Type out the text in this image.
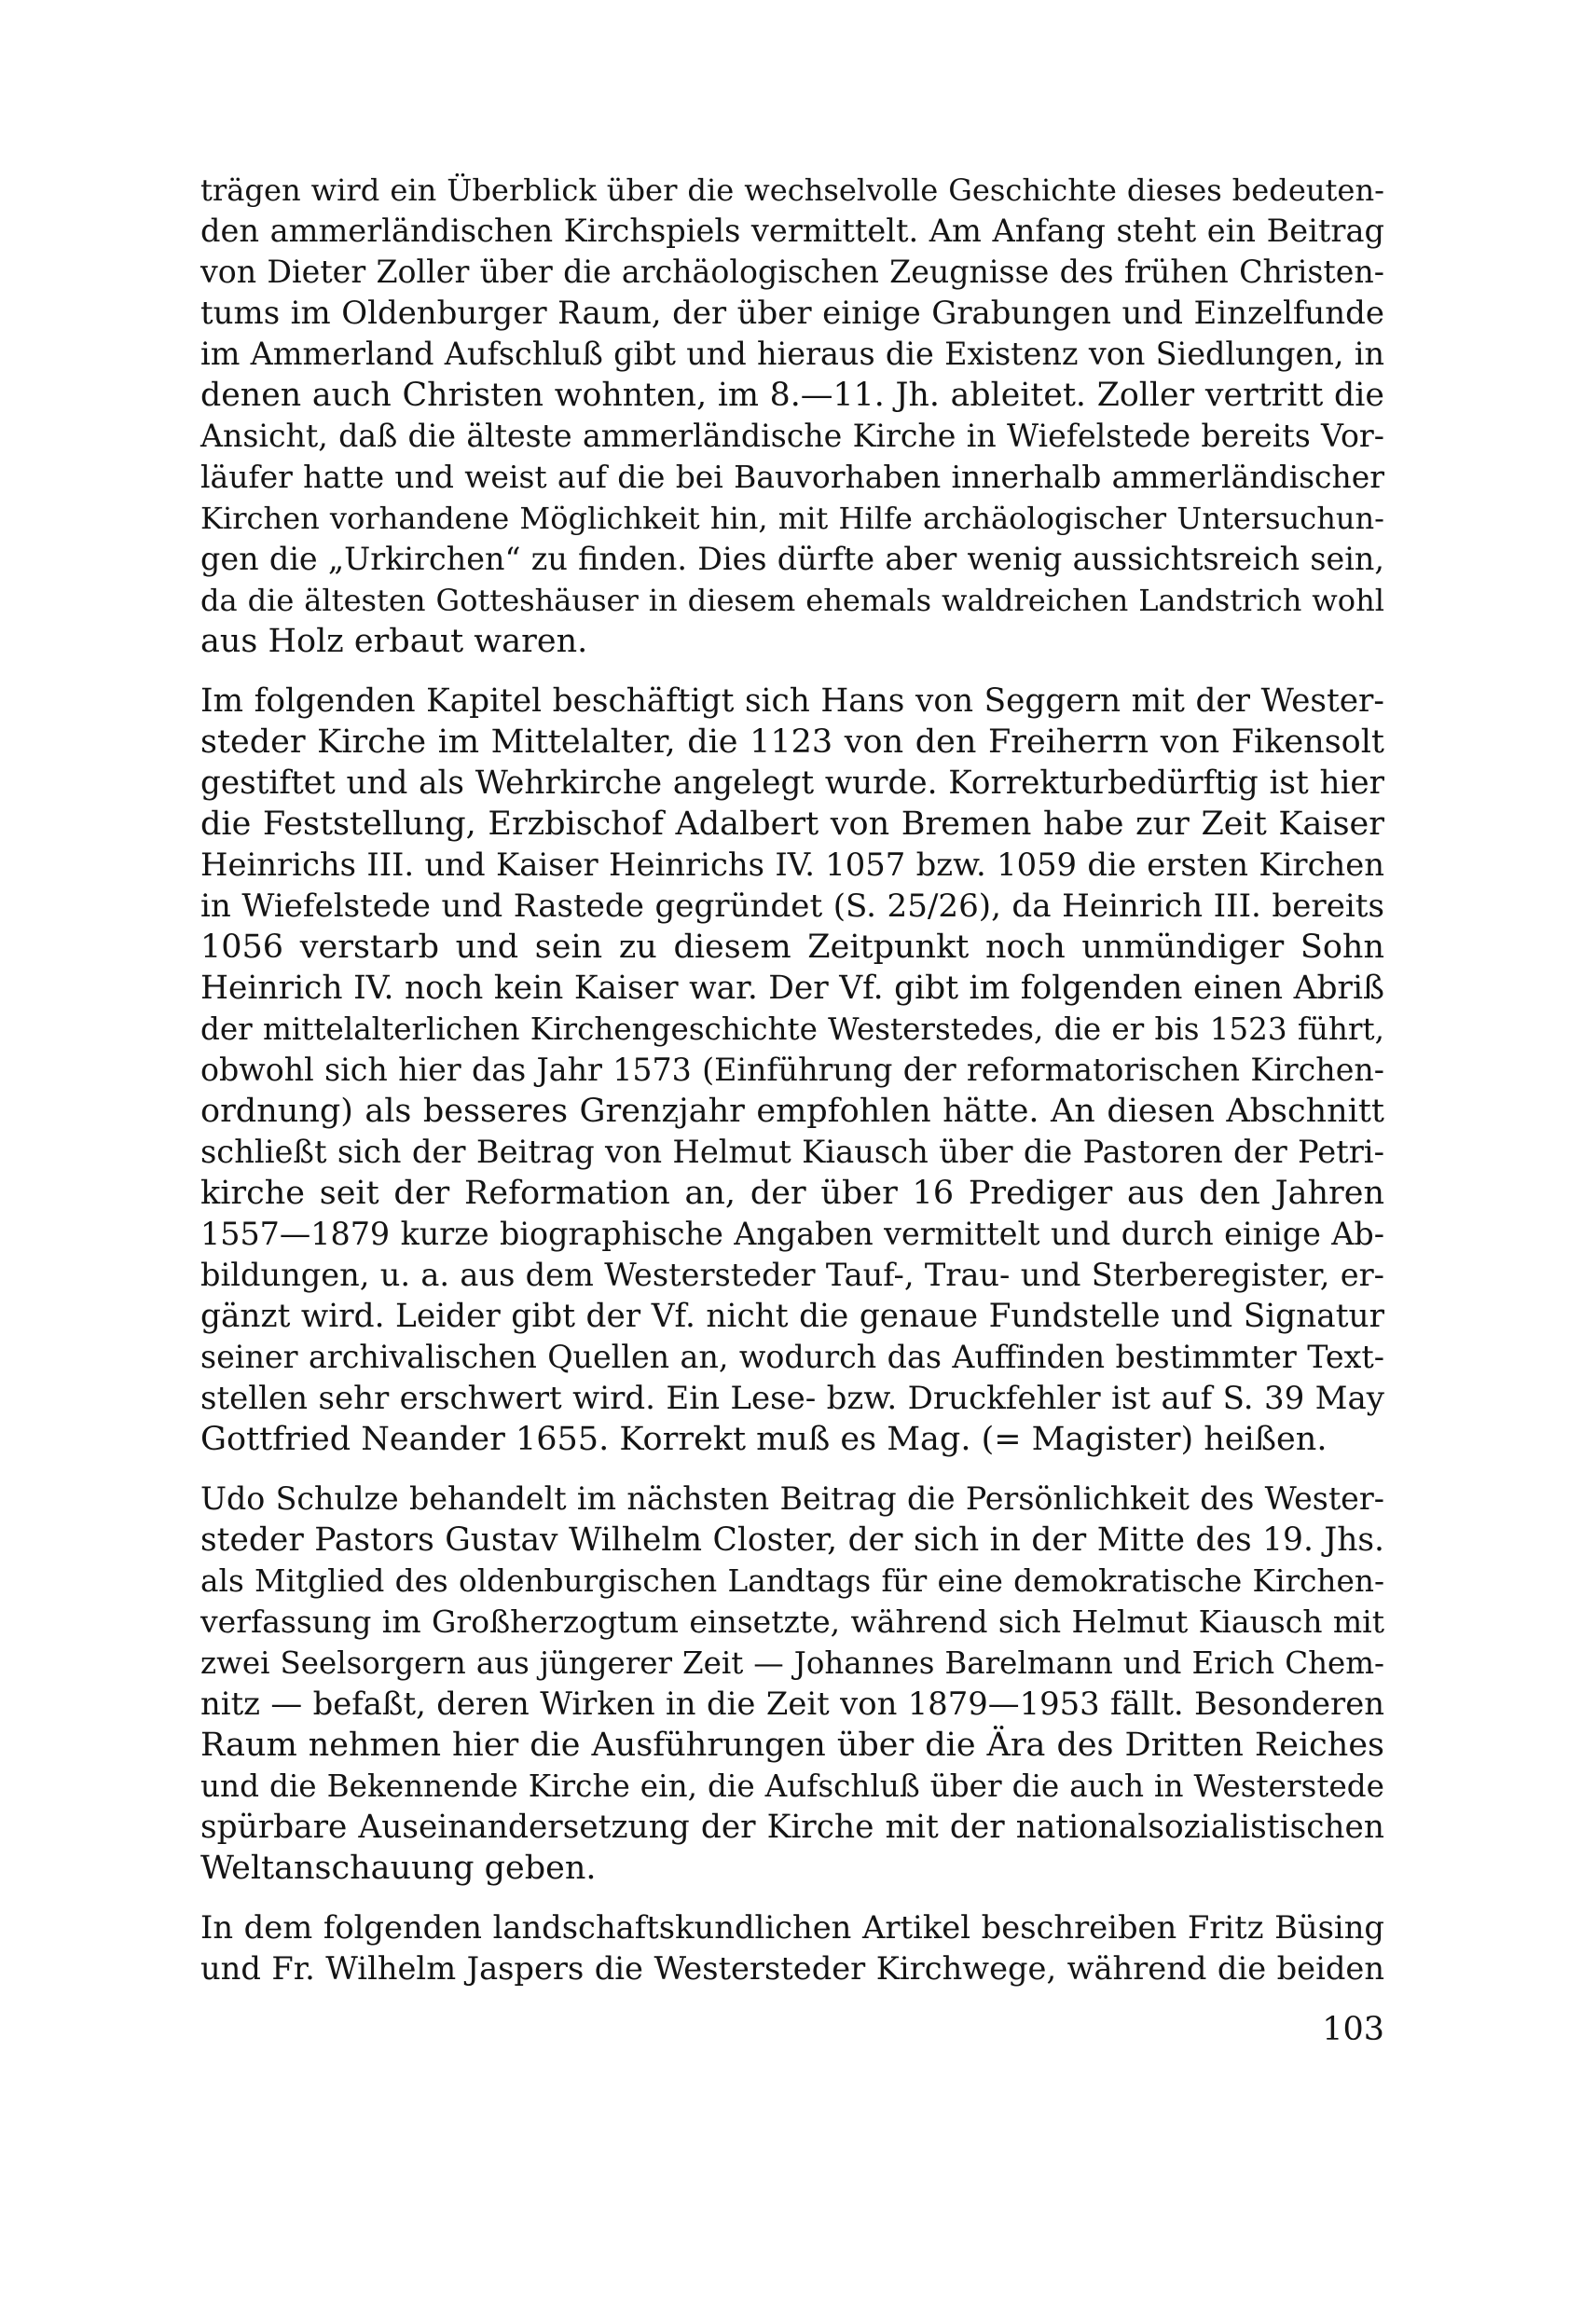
trägen wird ein Überblick über die wechselvolle Geschichte dieses bedeuten-
den ammerländischen Kirchspiels vermittelt. Am Anfang steht ein Beitrag
von Dieter Zoller über die archäologischen Zeugnisse des frühen Christen-
tums im Oldenburger Raum, der über einige Grabungen und Einzelfunde
im Ammerland Aufschluß gibt und hieraus die Existenz von Siedlungen, in
denen auch Christen wohnten, im 8.—11. Jh. ableitet. Zoller vertritt die
Ansicht, daß die älteste ammerländische Kirche in Wiefelstede bereits Vor-
läufer hatte und weist auf die bei Bauvorhaben innerhalb ammerländischer
Kirchen vorhandene Möglichkeit hin, mit Hilfe archäologischer Untersuchun-
gen die „Urkirchen“ zu finden. Dies dürfte aber wenig aussichtsreich sein,
da die ältesten Gotteshäuser in diesem ehemals waldreichen Landstrich wohl
aus Holz erbaut waren.
Im folgenden Kapitel beschäftigt sich Hans von Seggern mit der Wester-
steder Kirche im Mittelalter, die 1123 von den Freiherrn von Fikensolt
gestiftet und als Wehrkirche angelegt wurde. Korrekturbedürftig ist hier
die Feststellung, Erzbischof Adalbert von Bremen habe zur Zeit Kaiser
Heinrichs III. und Kaiser Heinrichs IV. 1057 bzw. 1059 die ersten Kirchen
in Wiefelstede und Rastede gegründet (S. 25/26), da Heinrich III. bereits
1056 verstarb und sein zu diesem Zeitpunkt noch unmündiger Sohn
Heinrich IV. noch kein Kaiser war. Der Vf. gibt im folgenden einen Abriß
der mittelalterlichen Kirchengeschichte Westerstedes, die er bis 1523 führt,
obwohl sich hier das Jahr 1573 (Einführung der reformatorischen Kirchen-
ordnung) als besseres Grenzjahr empfohlen hätte. An diesen Abschnitt
schließt sich der Beitrag von Helmut Kiausch über die Pastoren der Petri-
kirche seit der Reformation an, der über 16 Prediger aus den Jahren
1557—1879 kurze biographische Angaben vermittelt und durch einige Ab-
bildungen, u. a. aus dem Westersteder Tauf-, Trau- und Sterberegister, er-
gänzt wird. Leider gibt der Vf. nicht die genaue Fundstelle und Signatur
seiner archivalischen Quellen an, wodurch das Auffinden bestimmter Text-
stellen sehr erschwert wird. Ein Lese- bzw. Druckfehler ist auf S. 39 May
Gottfried Neander 1655. Korrekt muß es Mag. (= Magister) heißen.
Udo Schulze behandelt im nächsten Beitrag die Persönlichkeit des Wester-
steder Pastors Gustav Wilhelm Closter, der sich in der Mitte des 19. Jhs.
als Mitglied des oldenburgischen Landtags für eine demokratische Kirchen-
verfassung im Großherzogtum einsetzte, während sich Helmut Kiausch mit
zwei Seelsorgern aus jüngerer Zeit — Johannes Barelmann und Erich Chem-
nitz — befaßt, deren Wirken in die Zeit von 1879—1953 fällt. Besonderen
Raum nehmen hier die Ausführungen über die Ära des Dritten Reiches
und die Bekennende Kirche ein, die Aufschluß über die auch in Westerstede
spürbare Auseinandersetzung der Kirche mit der nationalsozialistischen
Weltanschauung geben.
In dem folgenden landschaftskundlichen Artikel beschreiben Fritz Büsing
und Fr. Wilhelm Jaspers die Westersteder Kirchwege, während die beiden
103
